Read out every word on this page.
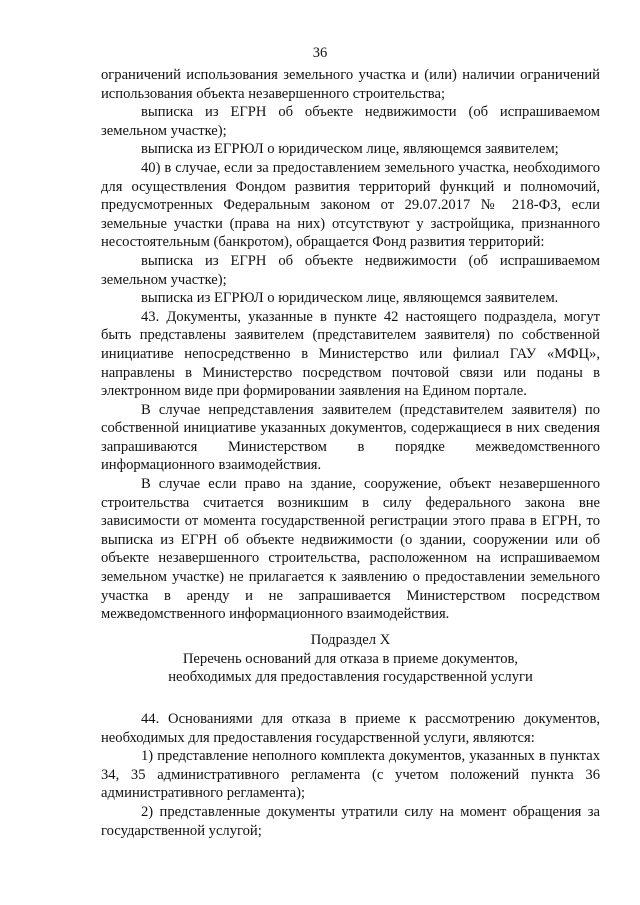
36

ограничений использования земельного участка и (или) наличии ограничений использования объекта незавершенного строительства;

выписка из ЕГРН об объекте недвижимости (об испрашиваемом земельном участке);

выписка из ЕГРЮЛ о юридическом лице, являющемся заявителем;

40) в случае, если за предоставлением земельного участка, необходимого для осуществления Фондом развития территорий функций и полномочий, предусмотренных Федеральным законом от 29.07.2017 № 218-ФЗ, если земельные участки (права на них) отсутствуют у застройщика, признанного несостоятельным (банкротом), обращается Фонд развития территорий:

выписка из ЕГРН об объекте недвижимости (об испрашиваемом земельном участке);

выписка из ЕГРЮЛ о юридическом лице, являющемся заявителем.

43. Документы, указанные в пункте 42 настоящего подраздела, могут быть представлены заявителем (представителем заявителя) по собственной инициативе непосредственно в Министерство или филиал ГАУ «МФЦ», направлены в Министерство посредством почтовой связи или поданы в электронном виде при формировании заявления на Едином портале.

В случае непредставления заявителем (представителем заявителя) по собственной инициативе указанных документов, содержащиеся в них сведения запрашиваются Министерством в порядке межведомственного информационного взаимодействия.

В случае если право на здание, сооружение, объект незавершенного строительства считается возникшим в силу федерального закона вне зависимости от момента государственной регистрации этого права в ЕГРН, то выписка из ЕГРН об объекте недвижимости (о здании, сооружении или об объекте незавершенного строительства, расположенном на испрашиваемом земельном участке) не прилагается к заявлению о предоставлении земельного участка в аренду и не запрашивается Министерством посредством межведомственного информационного взаимодействия.

Подраздел X

Перечень оснований для отказа в приеме документов,

необходимых для предоставления государственной услуги

44. Основаниями для отказа в приеме к рассмотрению документов, необходимых для предоставления государственной услуги, являются:

1) представление неполного комплекта документов, указанных в пунктах 34, 35 административного регламента (с учетом положений пункта 36 административного регламента);

2) представленные документы утратили силу на момент обращения за государственной услугой;
